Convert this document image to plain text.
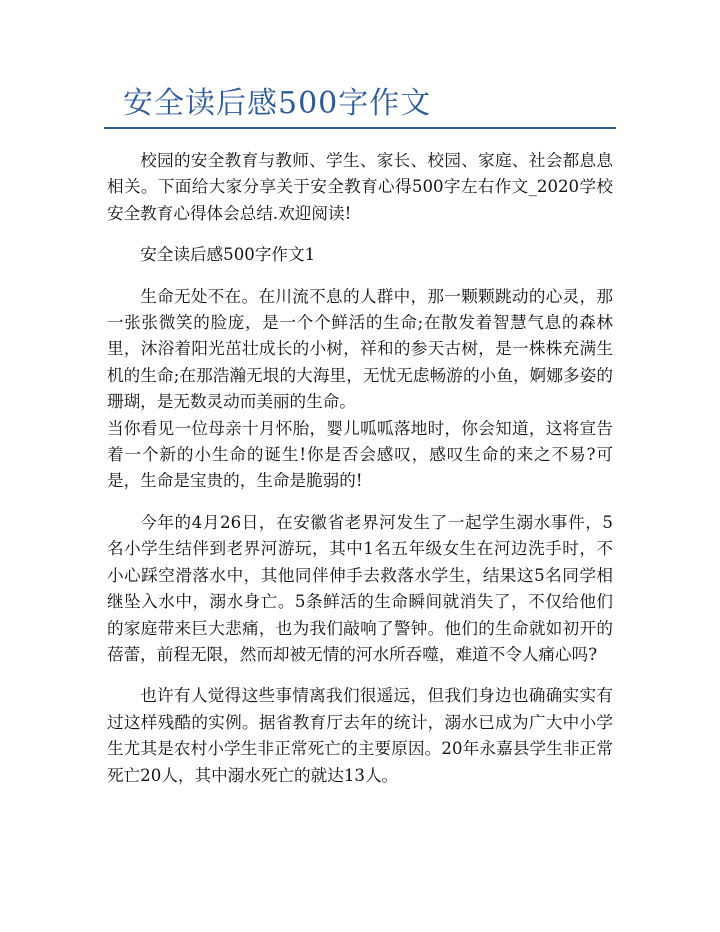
安全读后感500字作文

校园的安全教育与教师、学生、家长、校园、家庭、社会都息息相关。下面给大家分享关于安全教育心得500字左右作文_2020学校安全教育心得体会总结.欢迎阅读!

安全读后感500字作文1

生命无处不在。在川流不息的人群中，那一颗颗跳动的心灵，那一张张微笑的脸庞，是一个个鲜活的生命;在散发着智慧气息的森林里，沐浴着阳光茁壮成长的小树，祥和的参天古树，是一株株充满生机的生命;在那浩瀚无垠的大海里，无忧无虑畅游的小鱼，婀娜多姿的珊瑚，是无数灵动而美丽的生命。

当你看见一位母亲十月怀胎，婴儿呱呱落地时，你会知道，这将宣告着一个新的小生命的诞生!你是否会感叹，感叹生命的来之不易?可是，生命是宝贵的，生命是脆弱的!

今年的4月26日，在安徽省老界河发生了一起学生溺水事件，5名小学生结伴到老界河游玩，其中1名五年级女生在河边洗手时，不小心踩空滑落水中，其他同伴伸手去救落水学生，结果这5名同学相继坠入水中，溺水身亡。5条鲜活的生命瞬间就消失了，不仅给他们的家庭带来巨大悲痛，也为我们敲响了警钟。他们的生命就如初开的蓓蕾，前程无限，然而却被无情的河水所吞噬，难道不令人痛心吗?

也许有人觉得这些事情离我们很遥远，但我们身边也确确实实有过这样残酷的实例。据省教育厅去年的统计，溺水已成为广大中小学生尤其是农村小学生非正常死亡的主要原因。20年永嘉县学生非正常死亡20人，其中溺水死亡的就达13人。
